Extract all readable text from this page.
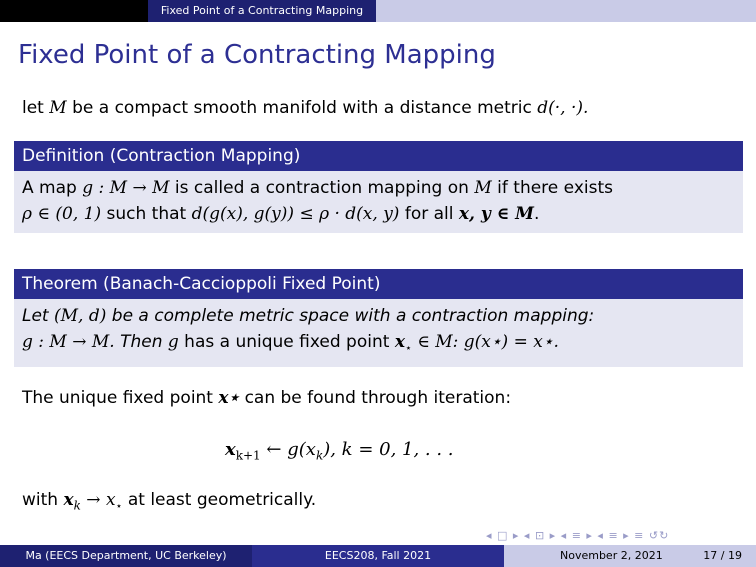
Fixed Point of a Contracting Mapping
Fixed Point of a Contracting Mapping
let M be a compact smooth manifold with a distance metric d(·, ·).
Definition (Contraction Mapping)
A map g : M → M is called a contraction mapping on M if there exists
ρ ∈ (0, 1) such that d(g(x), g(y)) ≤ ρ · d(x, y) for all x, y ∈ M.
Theorem (Banach-Caccioppoli Fixed Point)
Let (M, d) be a complete metric space with a contraction mapping:
g : M → M. Then g has a unique fixed point $x_⋆$ ∈ M: g(x⋆) = x⋆.
The unique fixed point x⋆ can be found through iteration:
$x_{k+1}$ ← $g(x_k)$, k = 0, 1, . . .
with $x_k \to x_⋆$ at least geometrically.
◂ □ ▸ ◂ ⊡ ▸ ◂ ≡ ▸ ◂ ≡ ▸ ≡ ↺↻
Ma (EECS Department, UC Berkeley)	EECS208, Fall 2021	November 2, 2021	17 / 19
